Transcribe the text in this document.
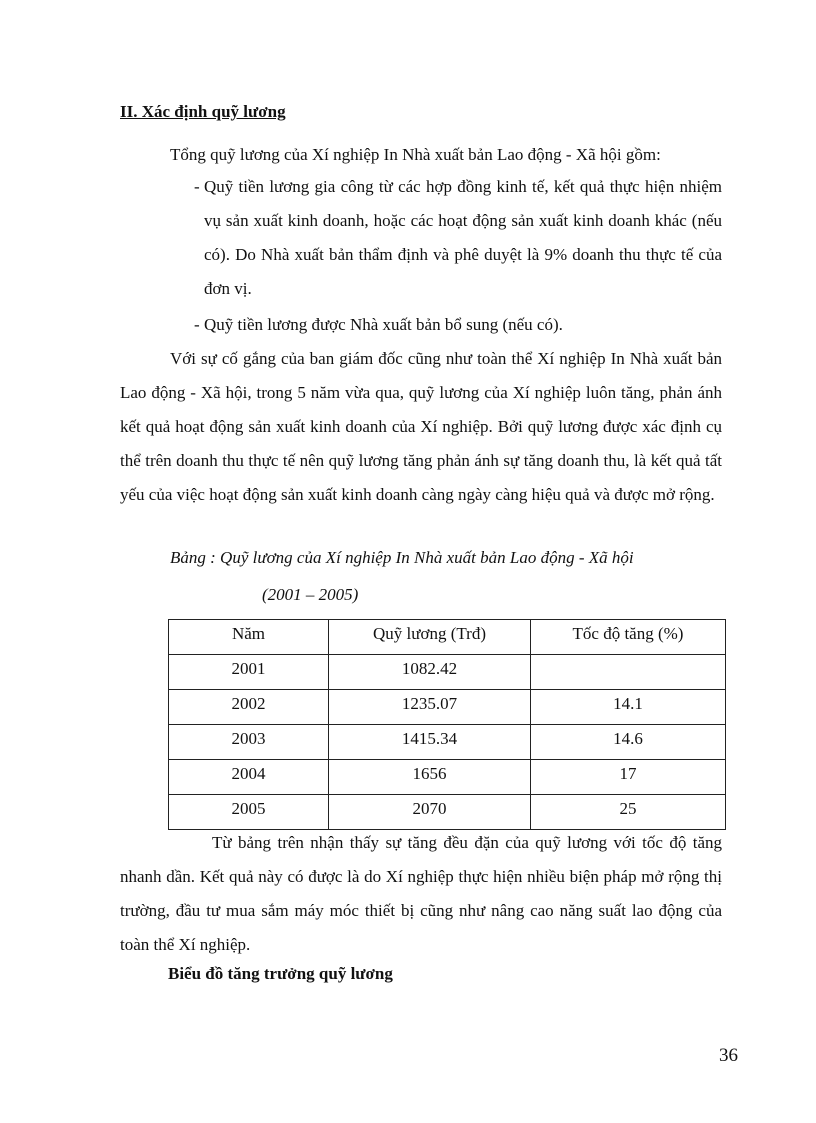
II. Xác định quỹ lương

Tổng quỹ lương của Xí nghiệp In Nhà xuất bản Lao động - Xã hội gồm:

- Quỹ tiền lương gia công từ các hợp đồng kinh tế, kết quả thực hiện nhiệm vụ sản xuất kinh doanh, hoặc các hoạt động sản xuất kinh doanh khác (nếu có). Do Nhà xuất bản thẩm định và phê duyệt là 9% doanh thu thực tế của đơn vị.

- Quỹ tiền lương được Nhà xuất bản bổ sung (nếu có).

Với sự cố gắng của ban giám đốc cũng như toàn thể Xí nghiệp In Nhà xuất bản Lao động - Xã hội, trong 5 năm vừa qua, quỹ lương của Xí nghiệp luôn tăng, phản ánh kết quả hoạt động sản xuất kinh doanh của Xí nghiệp. Bởi quỹ lương được xác định cụ thể trên doanh thu thực tế nên quỹ lương tăng phản ánh sự tăng doanh thu, là kết quả tất yếu của việc hoạt động sản xuất kinh doanh càng ngày càng hiệu quả và được mở rộng.

Bảng : Quỹ lương của Xí nghiệp In Nhà xuất bản Lao động - Xã hội
(2001 – 2005)
Năm	Quỹ lương (Trđ)	Tốc độ tăng (%)
2001	1082.42	
2002	1235.07	14.1
2003	1415.34	14.6
2004	1656	17
2005	2070	25

Từ bảng trên nhận thấy sự tăng đều đặn của quỹ lương với tốc độ tăng nhanh dần. Kết quả này có được là do Xí nghiệp thực hiện nhiều biện pháp mở rộng thị trường, đầu tư mua sắm máy móc thiết bị cũng như nâng cao năng suất lao động của toàn thể Xí nghiệp.

Biểu đồ tăng trưởng quỹ lương
36
